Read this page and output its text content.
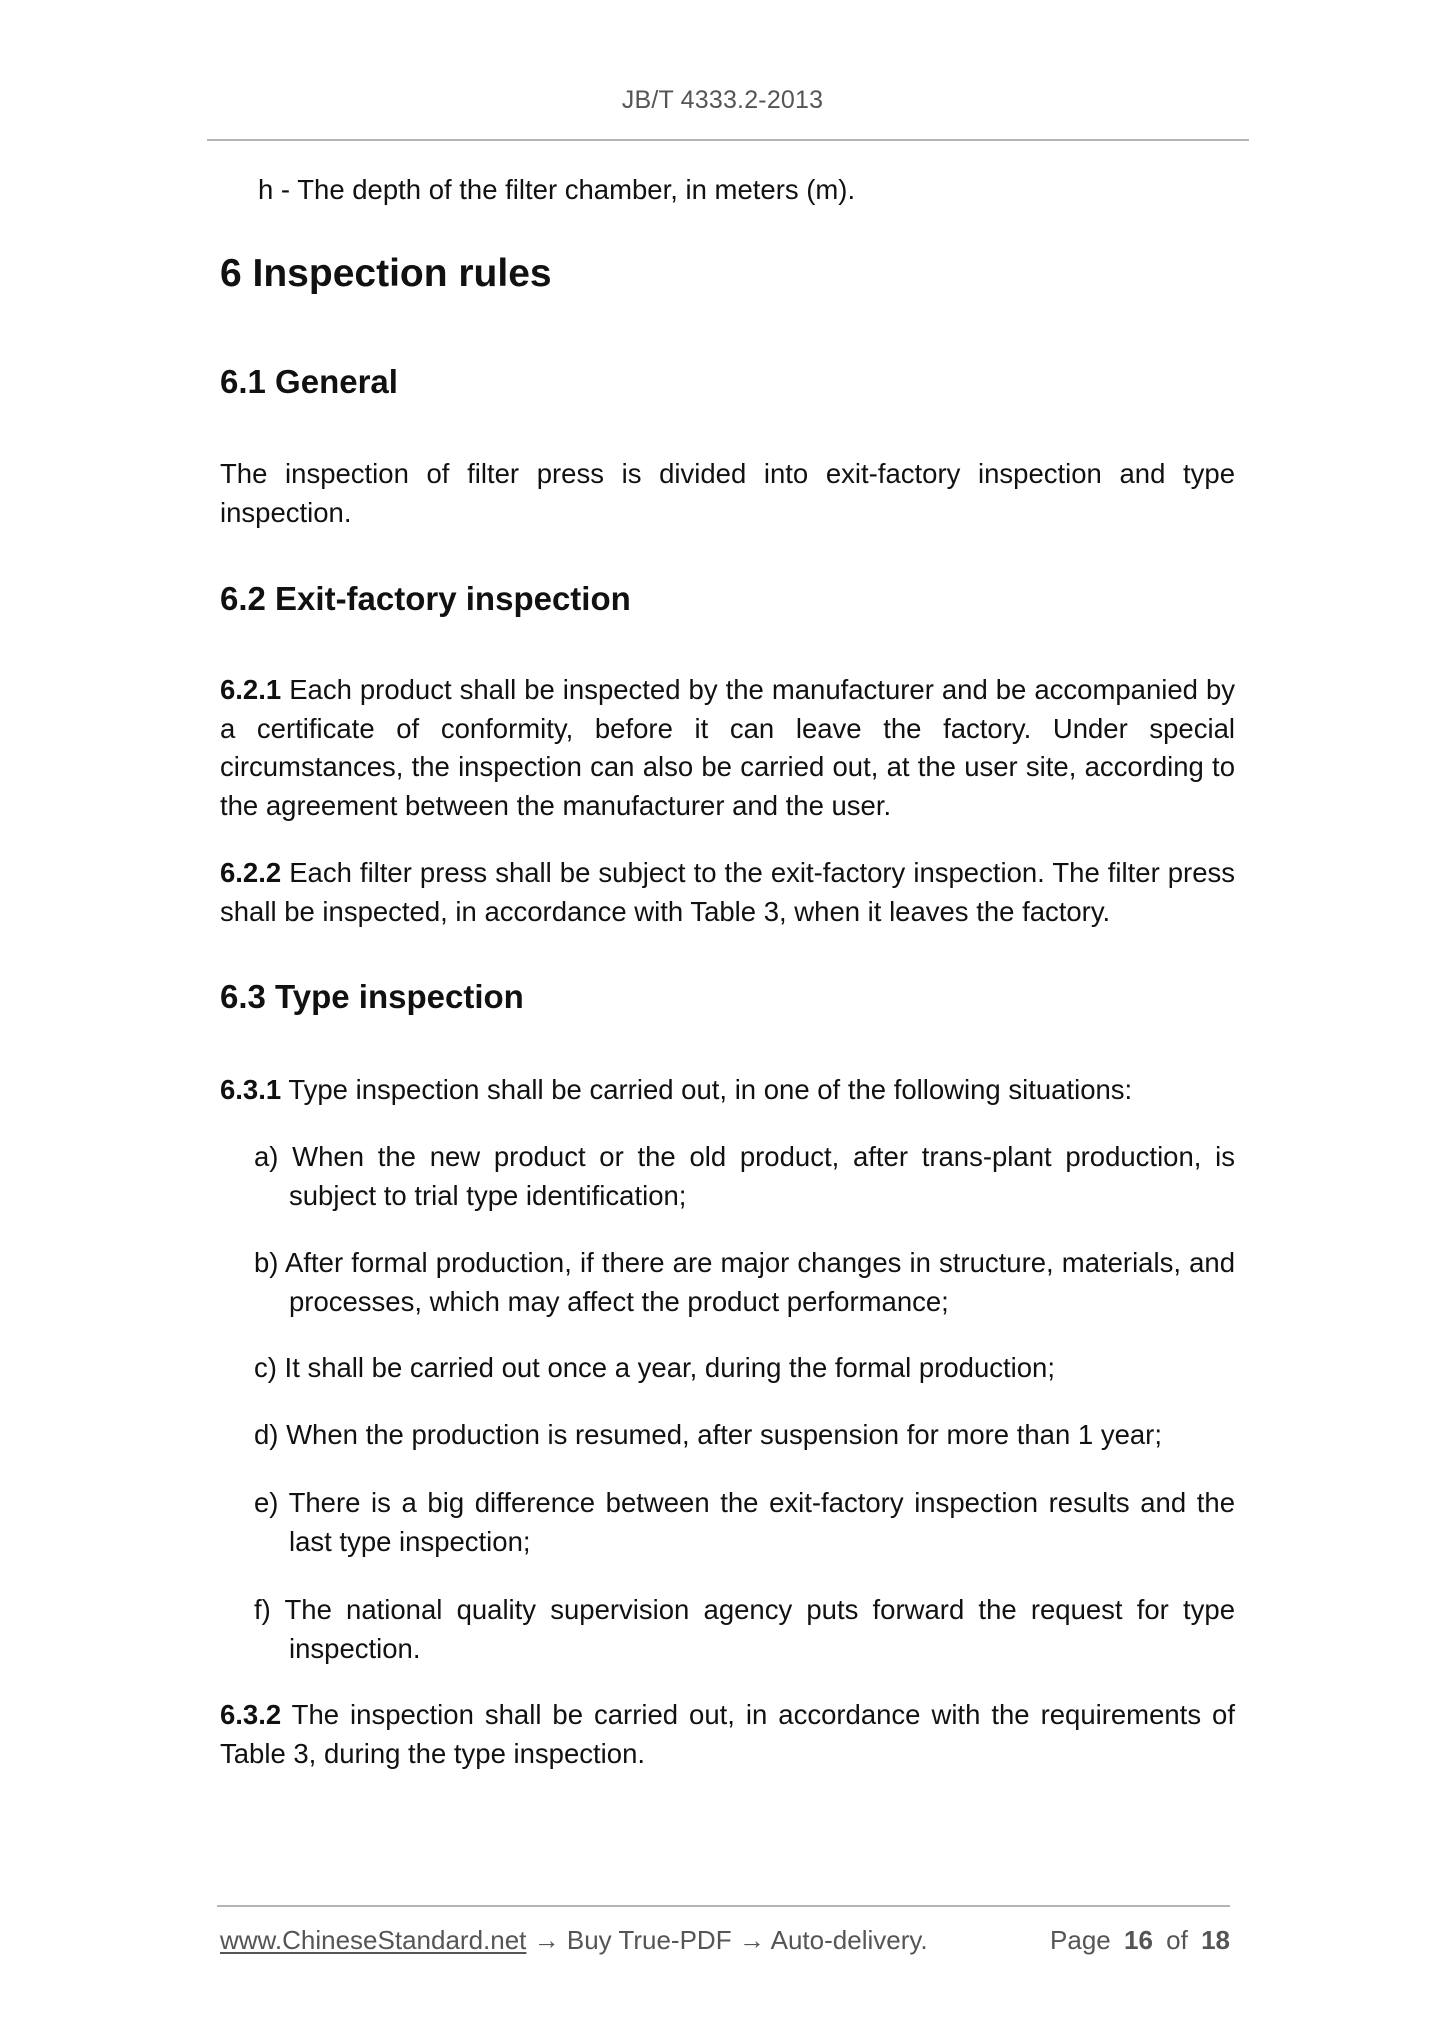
JB/T 4333.2-2013
h - The depth of the filter chamber, in meters (m).
6 Inspection rules
6.1 General
The inspection of filter press is divided into exit-factory inspection and type inspection.
6.2 Exit-factory inspection
6.2.1 Each product shall be inspected by the manufacturer and be accompanied by a certificate of conformity, before it can leave the factory. Under special circumstances, the inspection can also be carried out, at the user site, according to the agreement between the manufacturer and the user.
6.2.2 Each filter press shall be subject to the exit-factory inspection. The filter press shall be inspected, in accordance with Table 3, when it leaves the factory.
6.3 Type inspection
6.3.1 Type inspection shall be carried out, in one of the following situations:
a) When the new product or the old product, after trans-plant production, is subject to trial type identification;
b) After formal production, if there are major changes in structure, materials, and processes, which may affect the product performance;
c) It shall be carried out once a year, during the formal production;
d) When the production is resumed, after suspension for more than 1 year;
e) There is a big difference between the exit-factory inspection results and the last type inspection;
f) The national quality supervision agency puts forward the request for type inspection.
6.3.2 The inspection shall be carried out, in accordance with the requirements of Table 3, during the type inspection.
www.ChineseStandard.net → Buy True-PDF → Auto-delivery.	Page 16 of 18
